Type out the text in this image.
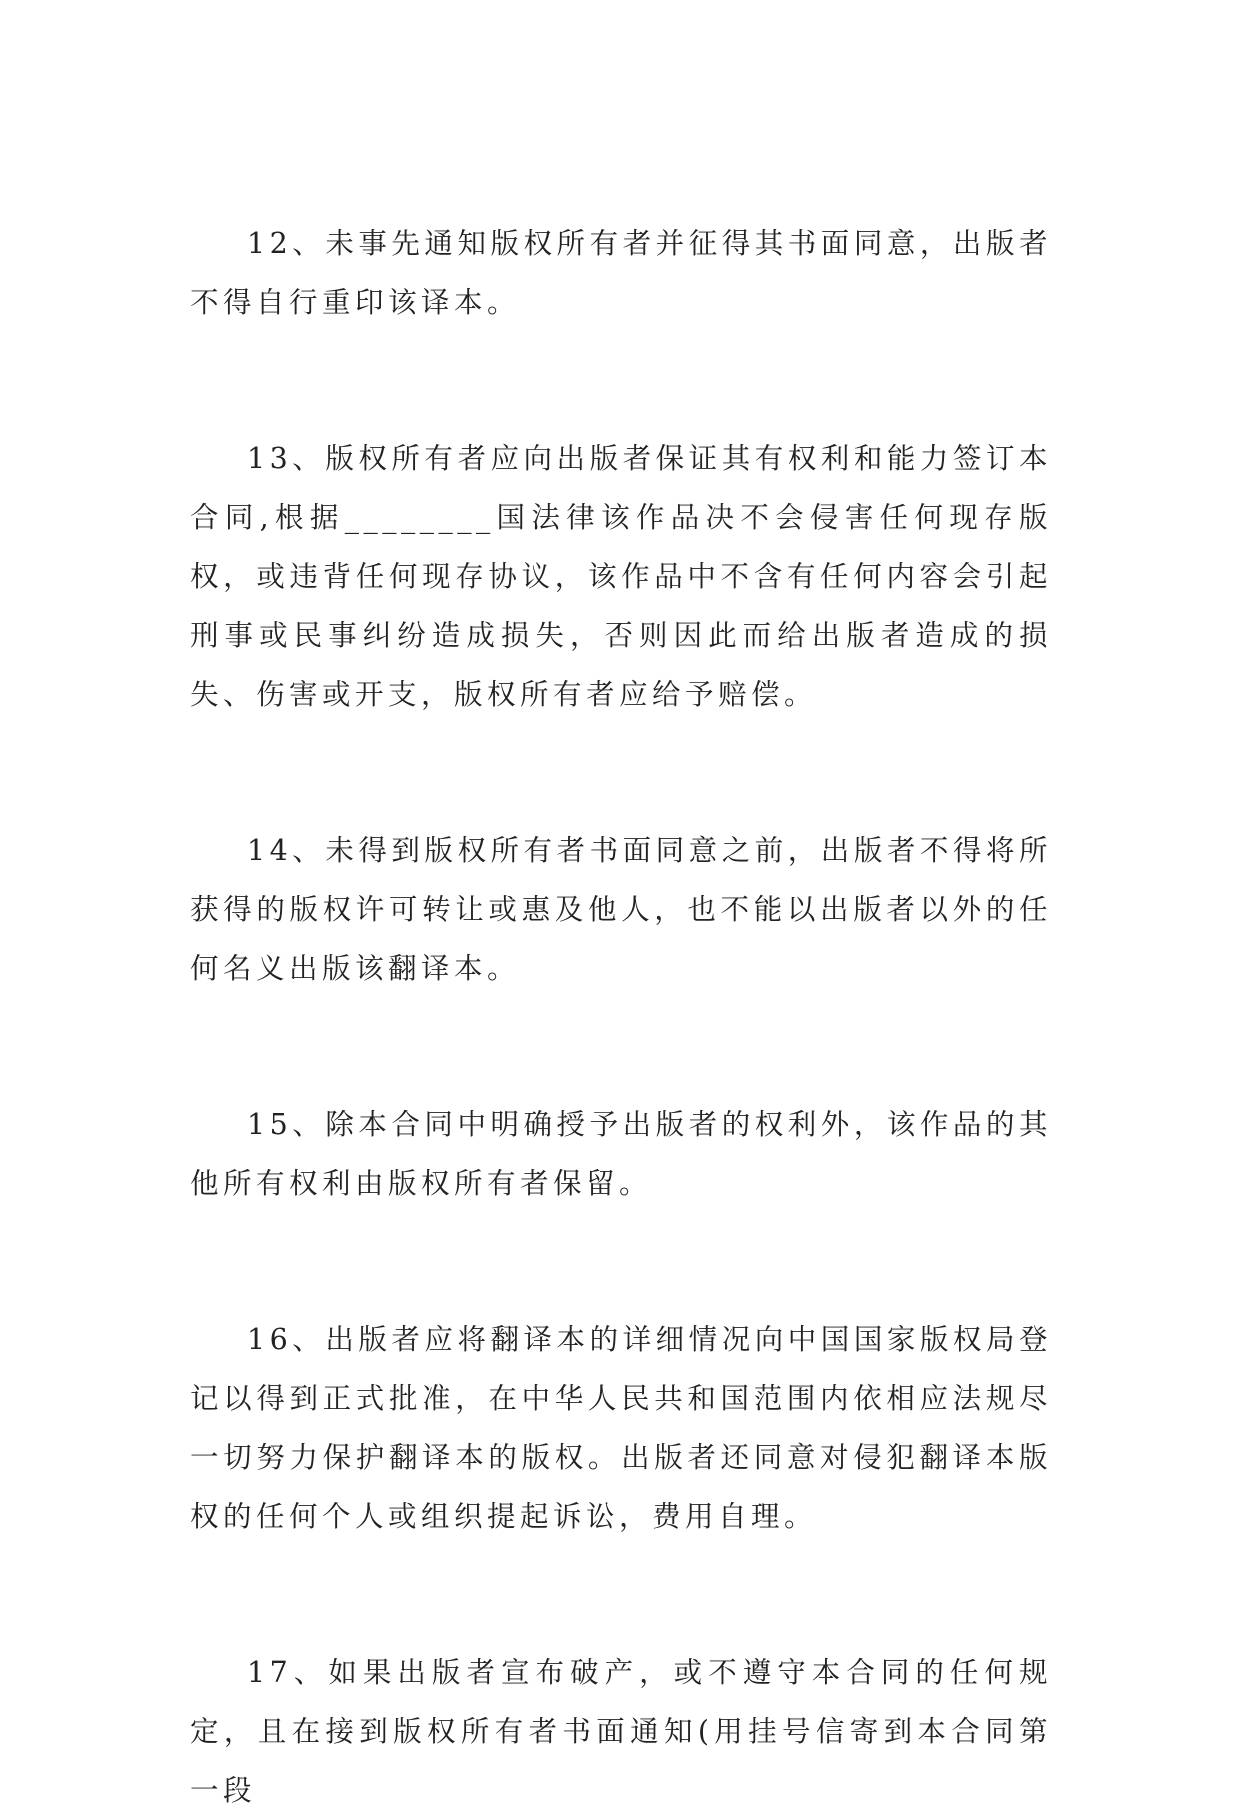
12、未事先通知版权所有者并征得其书面同意，出版者不得自行重印该译本。

13、版权所有者应向出版者保证其有权利和能力签订本合同,根据________国法律该作品决不会侵害任何现存版权，或违背任何现存协议，该作品中不含有任何内容会引起刑事或民事纠纷造成损失，否则因此而给出版者造成的损失、伤害或开支，版权所有者应给予赔偿。

14、未得到版权所有者书面同意之前，出版者不得将所获得的版权许可转让或惠及他人，也不能以出版者以外的任何名义出版该翻译本。

15、除本合同中明确授予出版者的权利外，该作品的其他所有权利由版权所有者保留。

16、出版者应将翻译本的详细情况向中国国家版权局登记以得到正式批准，在中华人民共和国范围内依相应法规尽一切努力保护翻译本的版权。出版者还同意对侵犯翻译本版权的任何个人或组织提起诉讼，费用自理。

17、如果出版者宣布破产，或不遵守本合同的任何规定，且在接到版权所有者书面通知(用挂号信寄到本合同第一段
